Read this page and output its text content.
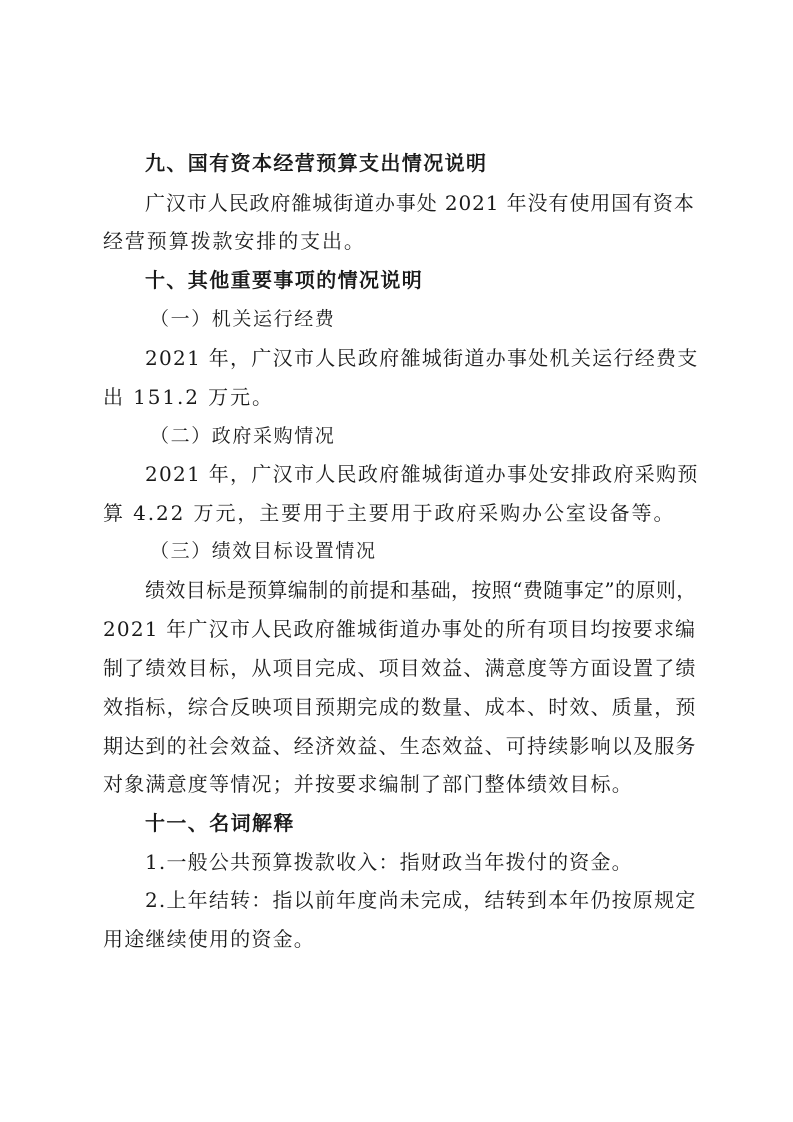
九、国有资本经营预算支出情况说明
广汉市人民政府雒城街道办事处 2021 年没有使用国有资本
经营预算拨款安排的支出。
十、其他重要事项的情况说明
（一）机关运行经费
2021 年，广汉市人民政府雒城街道办事处机关运行经费支
出 151.2 万元。
（二）政府采购情况
2021 年，广汉市人民政府雒城街道办事处安排政府采购预
算 4.22 万元，主要用于主要用于政府采购办公室设备等。
（三）绩效目标设置情况
绩效目标是预算编制的前提和基础，按照“费随事定”的原则，
2021 年广汉市人民政府雒城街道办事处的所有项目均按要求编
制了绩效目标，从项目完成、项目效益、满意度等方面设置了绩
效指标，综合反映项目预期完成的数量、成本、时效、质量，预
期达到的社会效益、经济效益、生态效益、可持续影响以及服务
对象满意度等情况；并按要求编制了部门整体绩效目标。
十一、名词解释
1.一般公共预算拨款收入：指财政当年拨付的资金。
2.上年结转：指以前年度尚未完成，结转到本年仍按原规定
用途继续使用的资金。
